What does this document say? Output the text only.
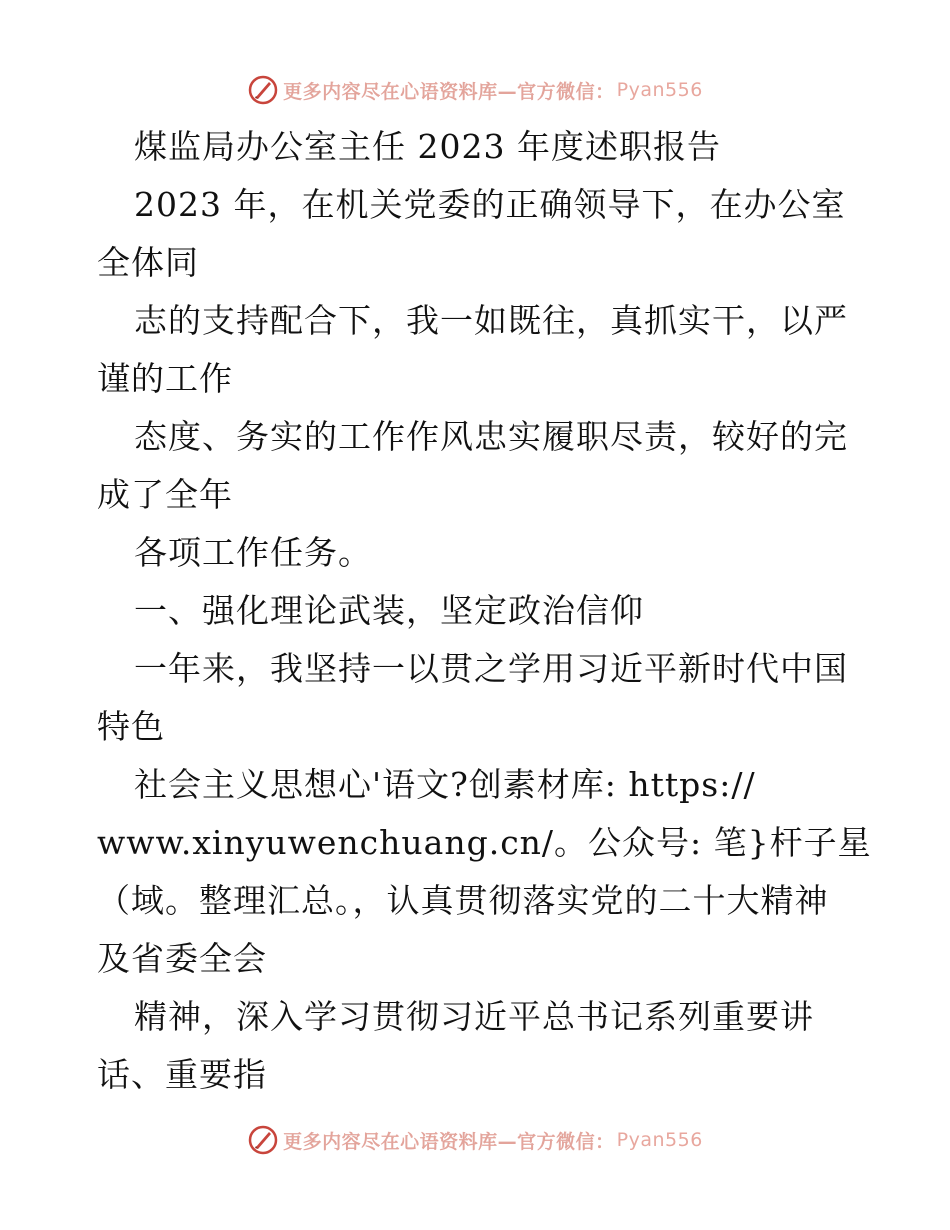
更多内容尽在心语资料库—官方微信： Pyan556
煤监局办公室主任 2023 年度述职报告
2023 年，在机关党委的正确领导下，在办公室
全体同
志的支持配合下，我一如既往，真抓实干，以严
谨的工作
态度、务实的工作作风忠实履职尽责，较好的完
成了全年
各项工作任务。
一、强化理论武装，坚定政治信仰
一年来，我坚持一以贯之学用习近平新时代中国
特色
社会主义思想心'语文?创素材库: https://
www.xinyuwenchuang.cn/。公众号: 笔}杆子星
（域。整理汇总。，认真贯彻落实党的二十大精神
及省委全会
精神，深入学习贯彻习近平总书记系列重要讲
话、重要指
更多内容尽在心语资料库—官方微信： Pyan556
